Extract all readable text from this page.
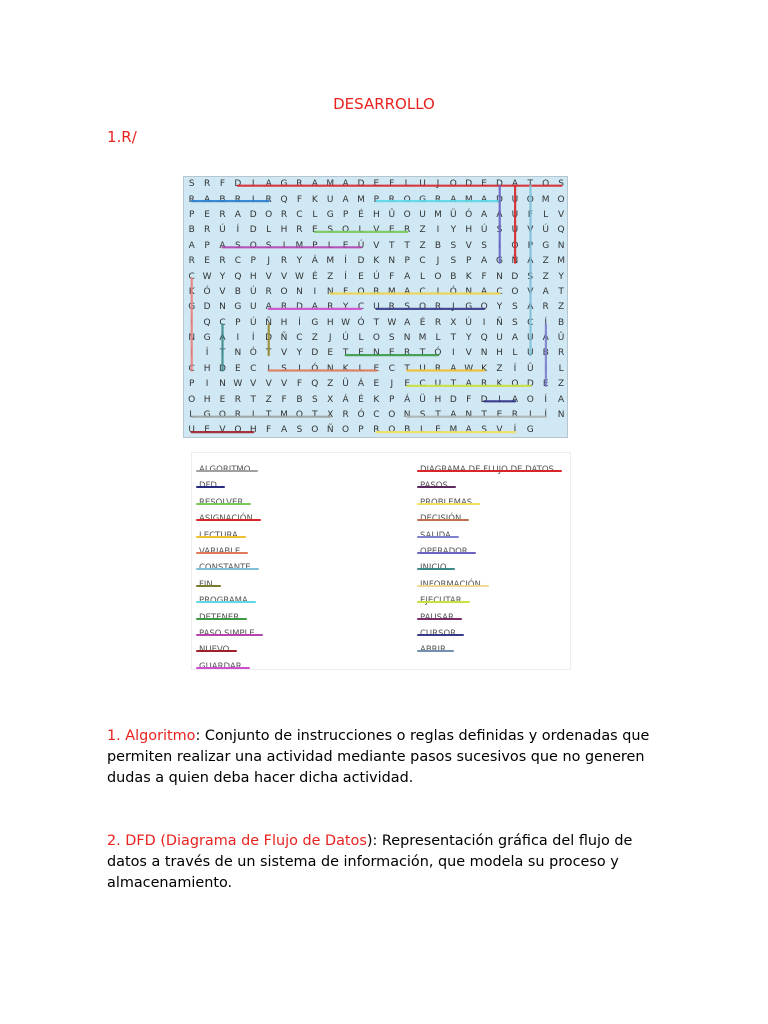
DESARROLLO
1.R/
S	R	F	D	I	A G R	A M A D	E	F	L	U	J	O D	E	D A	T	O S
R	A	B	R	I	R Q	F	K	U	A M P	R O G R	A M A D Ú O M O
P	E	R	A D O R	C	L	G	P	É	H Û O U M Ü Ó A	A	U	F	L	V
B	R Ú	Í	D	L	H R	E	S O	L	V	E	R	Z	I	Y	H Ú	S	U	V	Ú Q
A	P	A	S O S	I	M P	L	E	Ú	V	T	T	Z	B	S	V	S	I	O	P	G N
R	E	R	C	P	J	R	Y	Á M	Í	D K	N	P	C	J	S	P	A G Ñ A	Z M
C W Y	Q H V	V W É	Z	Í	E	Ú	F	A	L	O B	K	F	N D	S	Z	Y
K Ó V	B	Ú R O N	I	N	F	O R M A	C	I	Ó N A	C O V	A	T
G D N G U	A	R D A	R	Y	C U R	S O R	J	G O	Y	S	A	R	Z
I	Q C	P	Ú Ñ H	Í	G H W Ó	T W A	É	R	X	Ú	I	Ñ	S	C	Í	B
N G Á	I	Í	D Ñ C	Z	J	Ú	L	O S	N M	L	T	Y	Q U	A	U	Á	Û
I	Í	T	N Ó	T	V	Y	D	E	T	E	N	E	R	T	Ó	I	V N H	L	Ú	B	R
C H D	E	C	I	S	I	Ó N	K	L	E	C	T	U R	A W K	Z	Í	Û	I	L
P	I	N W V	V	V	F	Q Z	Ü	Á	E	J	E	C U	T	A	R	K O D	É	Z
O H	E	R	T	Z	F	B	S	X	Á	É	K	P	Á	Ü H D	F	D	I	A O	Í	A
L	G O R	I	T M O	T	X	R Ó C O N	S	T	A N	T	E	R	I	Í	N
U	E	V O H	F	A	S O Ñ O	P	R O B	L	E M A	S	V	Í	G
1. Algoritmo: Conjunto de instrucciones o reglas definidas y ordenadas que permiten realizar una actividad mediante pasos sucesivos que no generen dudas a quien deba hacer dicha actividad.
2. DFD (Diagrama de Flujo de Datos): Representación gráfica del flujo de datos a través de un sistema de información, que modela su proceso y almacenamiento.
